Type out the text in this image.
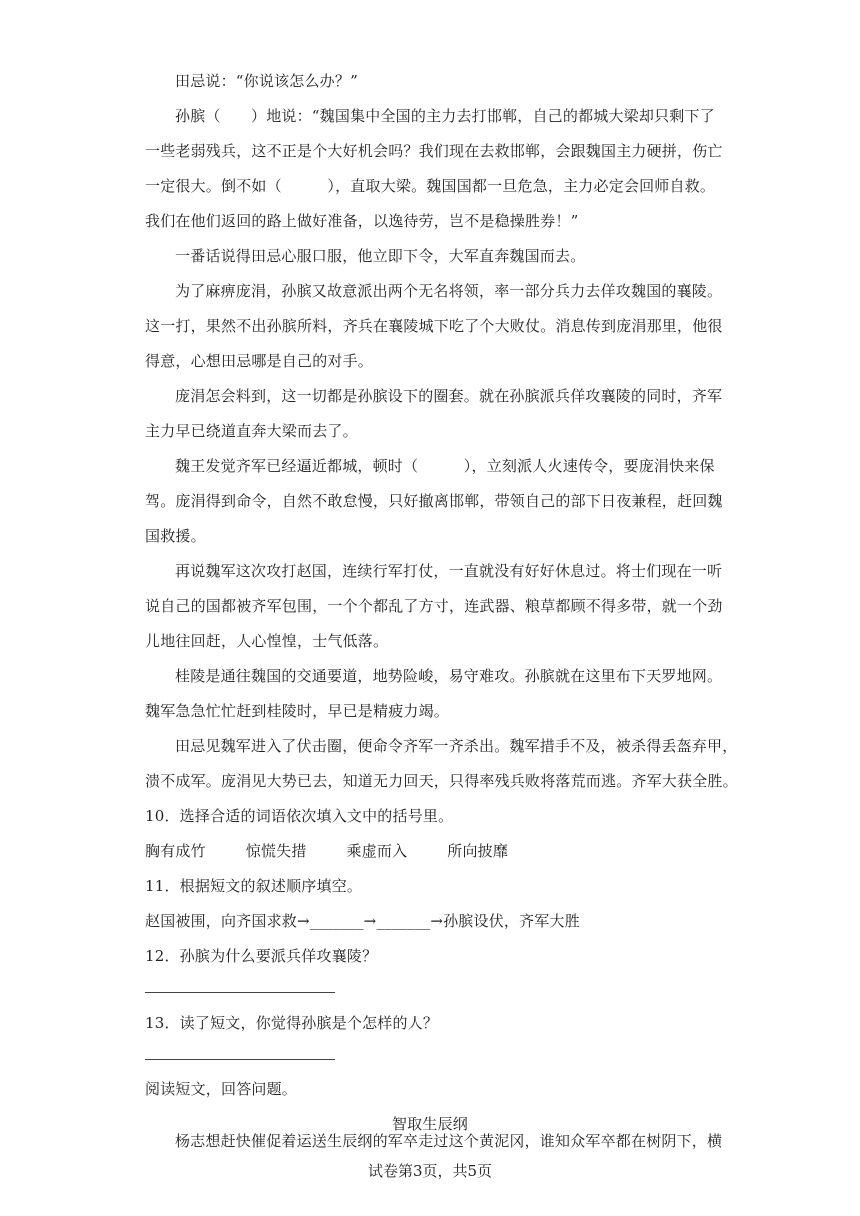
田忌说：“你说该怎么办？”
孙膑（　　）地说：“魏国集中全国的主力去打邯郸，自己的都城大梁却只剩下了
一些老弱残兵，这不正是个大好机会吗？我们现在去救邯郸，会跟魏国主力硬拼，伤亡
一定很大。倒不如（　　　），直取大梁。魏国国都一旦危急，主力必定会回师自救。
我们在他们返回的路上做好准备，以逸待劳，岂不是稳操胜券！”
一番话说得田忌心服口服，他立即下令，大军直奔魏国而去。
为了麻痹庞涓，孙膑又故意派出两个无名将领，率一部分兵力去佯攻魏国的襄陵。
这一打，果然不出孙膑所料，齐兵在襄陵城下吃了个大败仗。消息传到庞涓那里，他很
得意，心想田忌哪是自己的对手。
庞涓怎会料到，这一切都是孙膑设下的圈套。就在孙膑派兵佯攻襄陵的同时，齐军
主力早已绕道直奔大梁而去了。
魏王发觉齐军已经逼近都城，顿时（　　　），立刻派人火速传令，要庞涓快来保
驾。庞涓得到命令，自然不敢怠慢，只好撤离邯郸，带领自己的部下日夜兼程，赶回魏
国救援。
再说魏军这次攻打赵国，连续行军打仗，一直就没有好好休息过。将士们现在一听
说自己的国都被齐军包围，一个个都乱了方寸，连武器、粮草都顾不得多带，就一个劲
儿地往回赶，人心惶惶，士气低落。
桂陵是通往魏国的交通要道，地势险峻，易守难攻。孙膑就在这里布下天罗地网。
魏军急急忙忙赶到桂陵时，早已是精疲力竭。
田忌见魏军进入了伏击圈，便命令齐军一齐杀出。魏军措手不及，被杀得丢盔弃甲，
溃不成军。庞涓见大势已去，知道无力回天，只得率残兵败将落荒而逃。齐军大获全胜。
10．选择合适的词语依次填入文中的括号里。
胸有成竹	惊慌失措	乘虚而入	所向披靡
11．根据短文的叙述顺序填空。
赵国被围，向齐国求救→_______→_______→孙膑设伏，齐军大胜
12．孙膑为什么要派兵佯攻襄陵？
13．读了短文，你觉得孙膑是个怎样的人？
阅读短文，回答问题。
智取生辰纲
杨志想赶快催促着运送生辰纲的军卒走过这个黄泥冈，谁知众军卒都在树阴下，横
试卷第3页，共5页
